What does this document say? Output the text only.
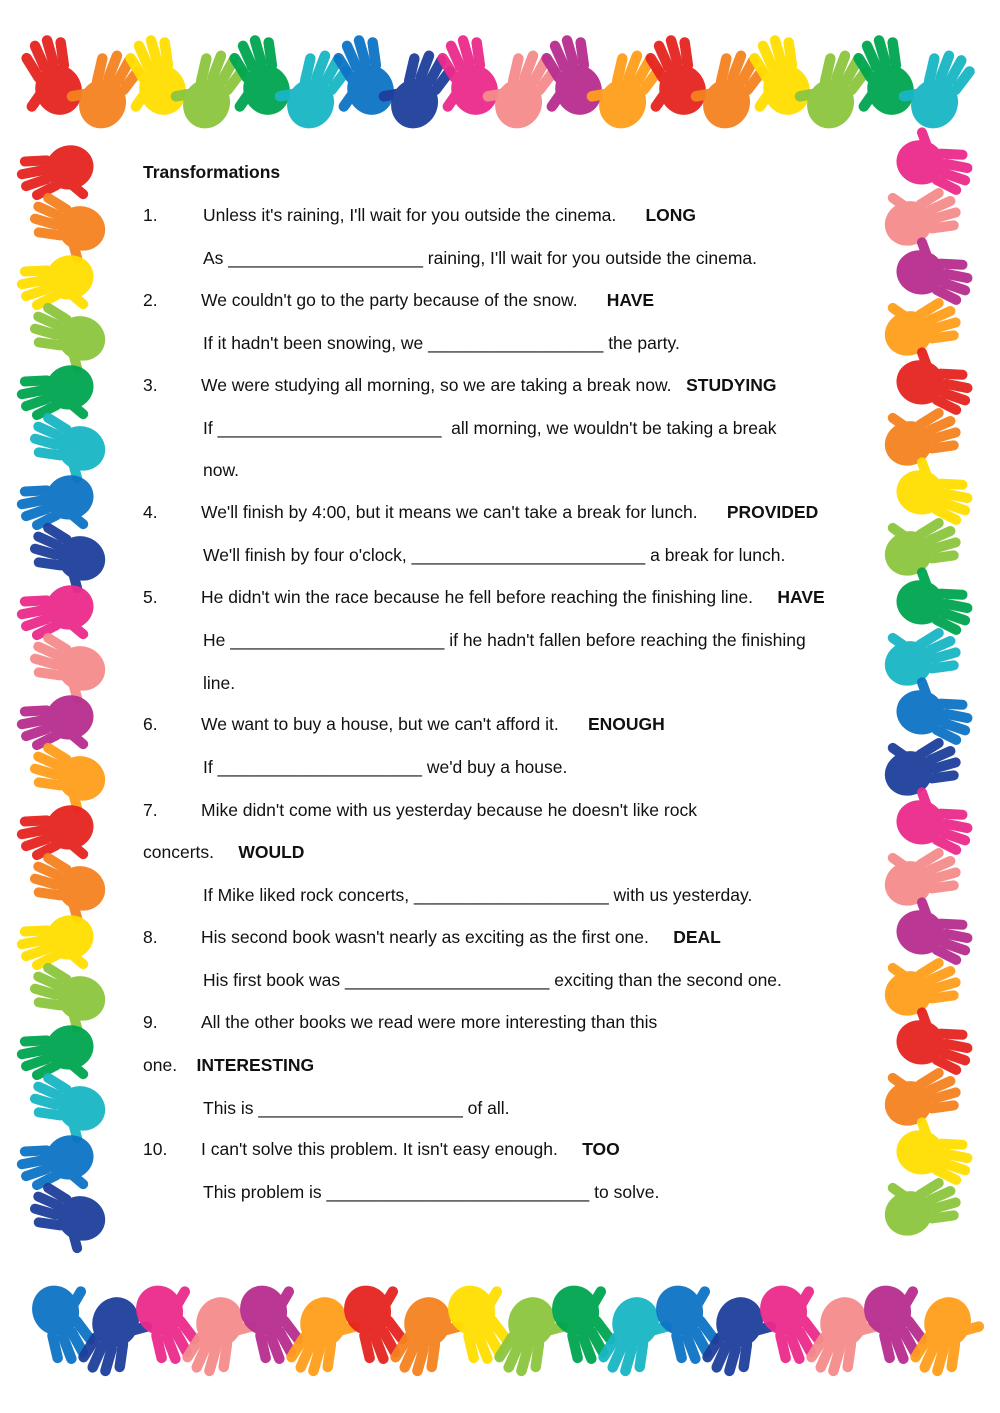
Transformations
1.	Unless it's raining, I'll wait for you outside the cinema. LONG
As ____________________ raining, I'll wait for you outside the cinema.
2. We couldn't go to the party because of the snow. HAVE
If it hadn't been snowing, we __________________ the party.
3. We were studying all morning, so we are taking a break now. STUDYING
If _______________________  all morning, we wouldn't be taking a break
now.
4. We'll finish by 4:00, but it means we can't take a break for lunch. PROVIDED
We'll finish by four o'clock, ________________________ a break for lunch.
5. He didn't win the race because he fell before reaching the finishing line. HAVE
He ______________________ if he hadn't fallen before reaching the finishing
line.
6. We want to buy a house, but we can't afford it. ENOUGH
If _____________________ we'd buy a house.
7. Mike didn't come with us yesterday because he doesn't like rock
concerts. WOULD
If Mike liked rock concerts, ____________________ with us yesterday.
8. His second book wasn't nearly as exciting as the first one. DEAL
His first book was _____________________ exciting than the second one.
9. All the other books we read were more interesting than this
one. INTERESTING
This is _____________________ of all.
10. I can't solve this problem. It isn't easy enough. TOO
This problem is ___________________________ to solve.
